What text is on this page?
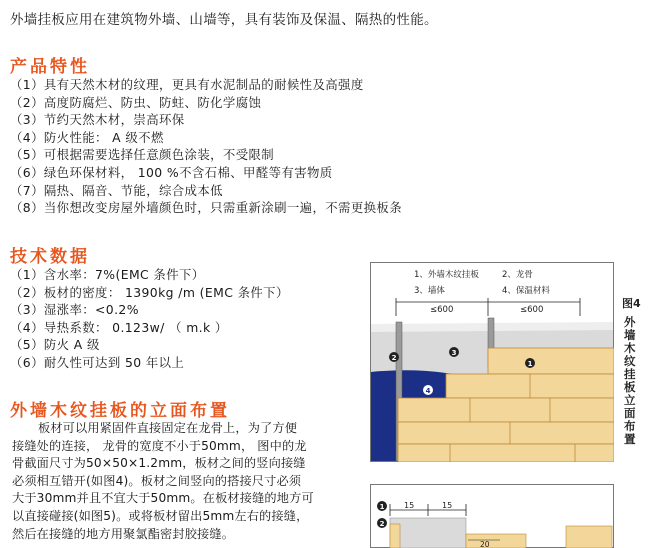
外墙挂板应用在建筑物外墙、山墙等，具有装饰及保温、隔热的性能。

产品特性

（1）具有天然木材的纹理，更具有水泥制品的耐候性及高强度
（2）高度防腐烂、防虫、防蛀、防化学腐蚀
（3）节约天然木材，崇高环保
（4）防火性能： A 级不燃
（5）可根据需要选择任意颜色涂装，不受限制
（6）绿色环保材料， 100 %不含石棉、甲醛等有害物质
（7）隔热、隔音、节能，综合成本低
（8）当你想改变房屋外墙颜色时，只需重新涂刷一遍，不需更换板条

技术数据

（1）含水率：7%(EMC 条件下）
（2）板材的密度： 1390kg /m (EMC 条件下）
（3）湿涨率：<0.2%
（4）导热系数： 0.123w/ （ m.k ）
（5）防火 A 级
（6）耐久性可达到 50 年以上

外墙木纹挂板的立面布置

板材可以用紧固件直接固定在龙骨上，为了方便
接缝处的连接， 龙骨的宽度不小于50mm， 图中的龙
骨截面尺寸为50×50×1.2mm，板材之间的竖向接缝
必须相互错开(如图4)。板材之间竖向的搭接尺寸必须
大于30mm并且不宜大于50mm。在板材接缝的地方可
以直接碰接(如图5)。或将板材留出5mm左右的接缝，
然后在接缝的地方用聚氯酯密封胶接缝。
1、外墙木纹挂板	2、龙骨
3、墙体	4、保温材料
≤600	≤600
1
2
3
4
图4
外墙木纹挂板立面布置
15	15
20
1
2
